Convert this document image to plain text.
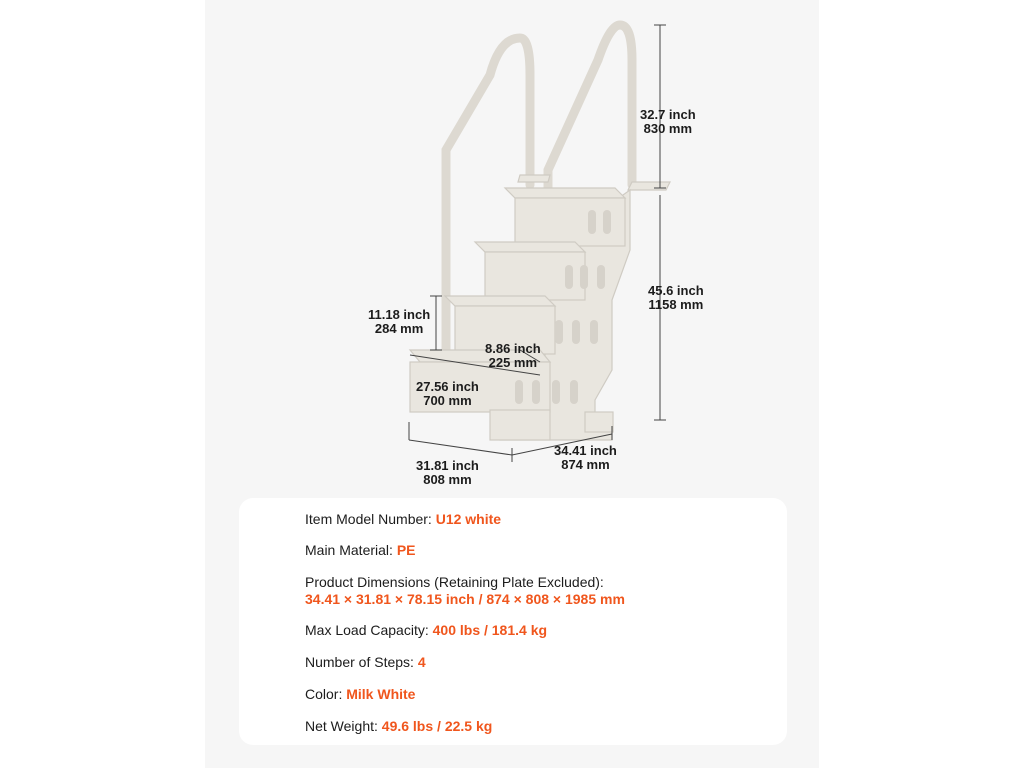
32.7 inch
830 mm
45.6 inch
1158 mm
11.18 inch
284 mm
8.86 inch
225 mm
27.56 inch
700 mm
31.81 inch
808 mm
34.41 inch
874 mm
Item Model Number: U12 white
Main Material: PE
Product Dimensions (Retaining Plate Excluded):
34.41 × 31.81 × 78.15 inch / 874 × 808 × 1985 mm
Max Load Capacity: 400 lbs / 181.4 kg
Number of Steps: 4
Color: Milk White
Net Weight: 49.6 lbs / 22.5 kg
